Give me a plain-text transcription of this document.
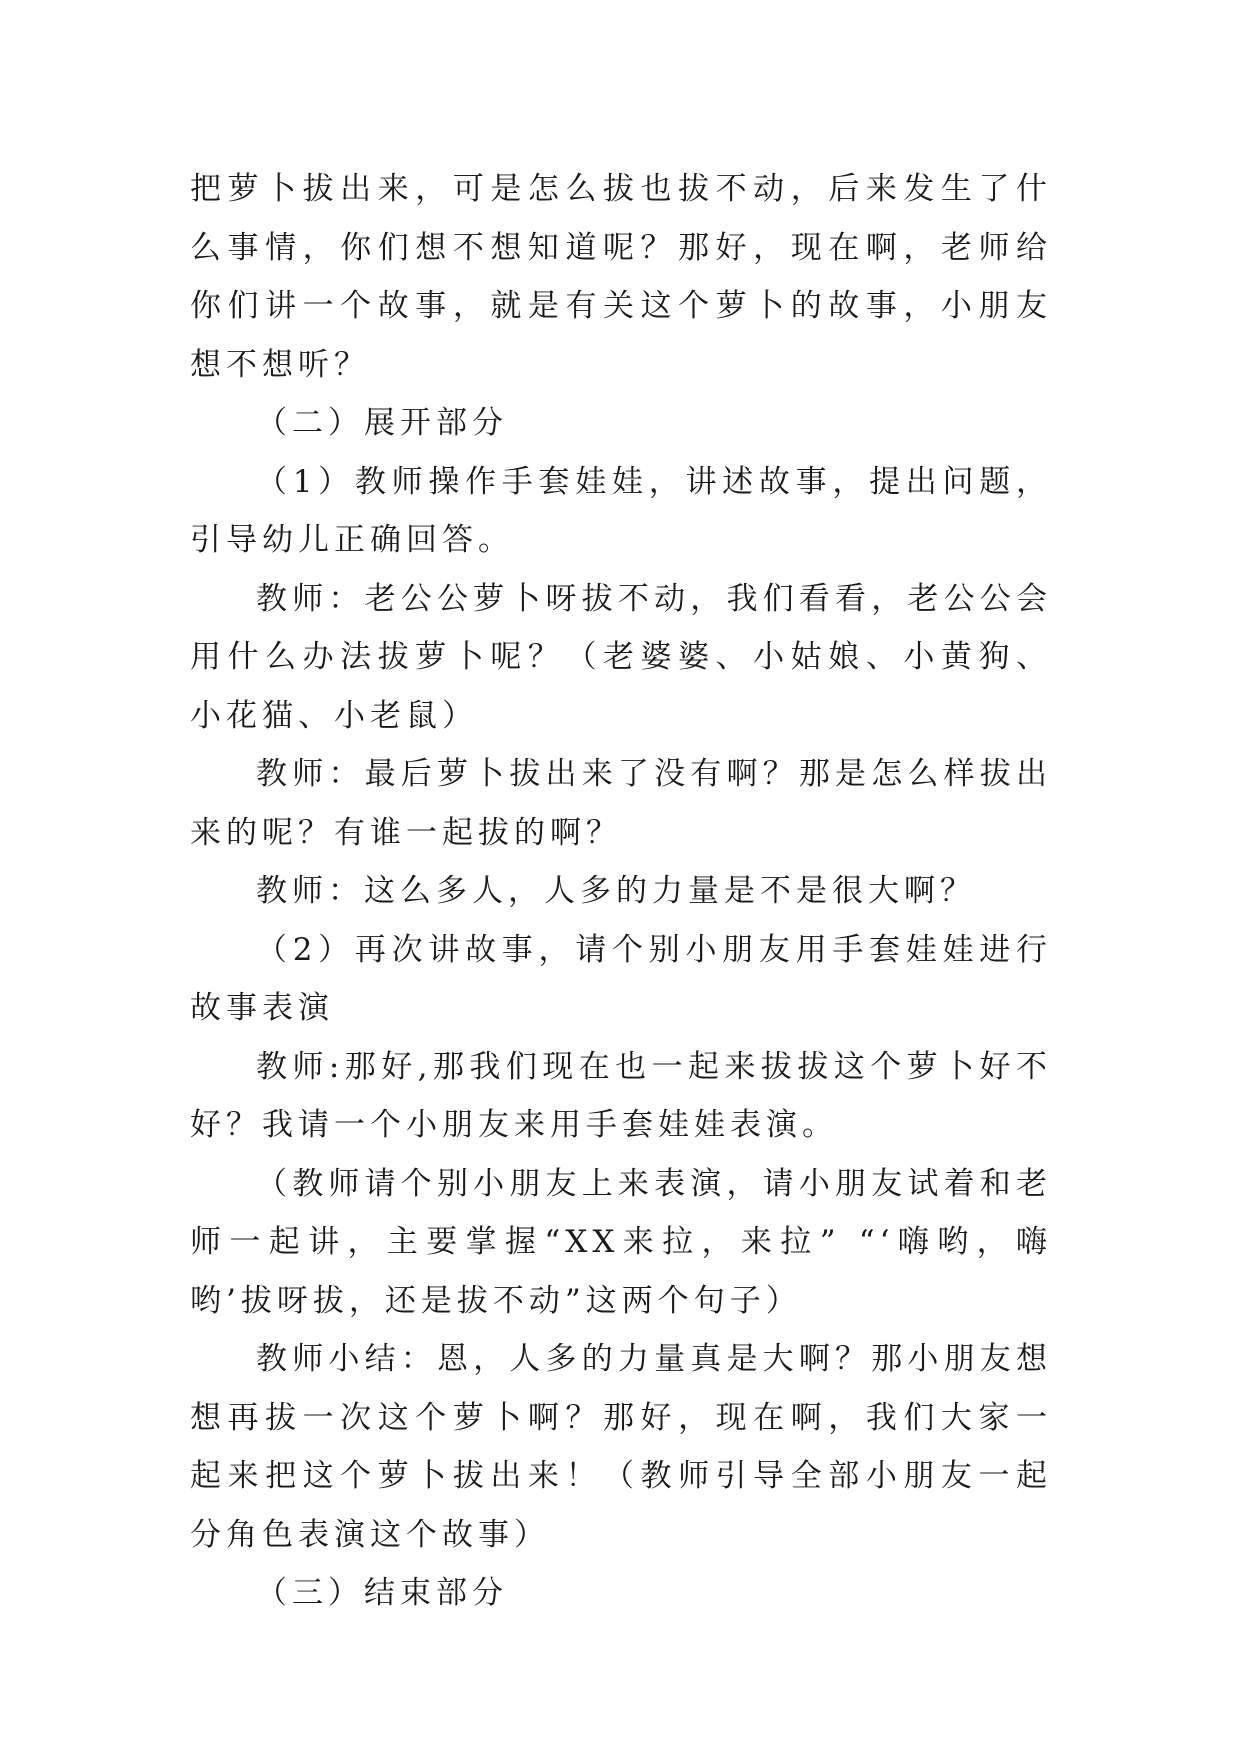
把萝卜拔出来，可是怎么拔也拔不动，后来发生了什么事情，你们想不想知道呢？那好，现在啊，老师给你们讲一个故事，就是有关这个萝卜的故事，小朋友想不想听？

（二）展开部分

（1）教师操作手套娃娃，讲述故事，提出问题，引导幼儿正确回答。

教师：老公公萝卜呀拔不动，我们看看，老公公会用什么办法拔萝卜呢？（老婆婆、小姑娘、小黄狗、小花猫、小老鼠）

教师：最后萝卜拔出来了没有啊？那是怎么样拔出来的呢？有谁一起拔的啊？

教师：这么多人，人多的力量是不是很大啊？

（2）再次讲故事，请个别小朋友用手套娃娃进行故事表演

教师:那好,那我们现在也一起来拔拔这个萝卜好不好？我请一个小朋友来用手套娃娃表演。

（教师请个别小朋友上来表演，请小朋友试着和老师一起讲，主要掌握“XX来拉，来拉” “‘嗨哟，嗨哟’拔呀拔，还是拔不动”这两个句子）

教师小结：恩，人多的力量真是大啊？那小朋友想想再拔一次这个萝卜啊？那好，现在啊，我们大家一起来把这个萝卜拔出来！（教师引导全部小朋友一起分角色表演这个故事）

（三）结束部分
